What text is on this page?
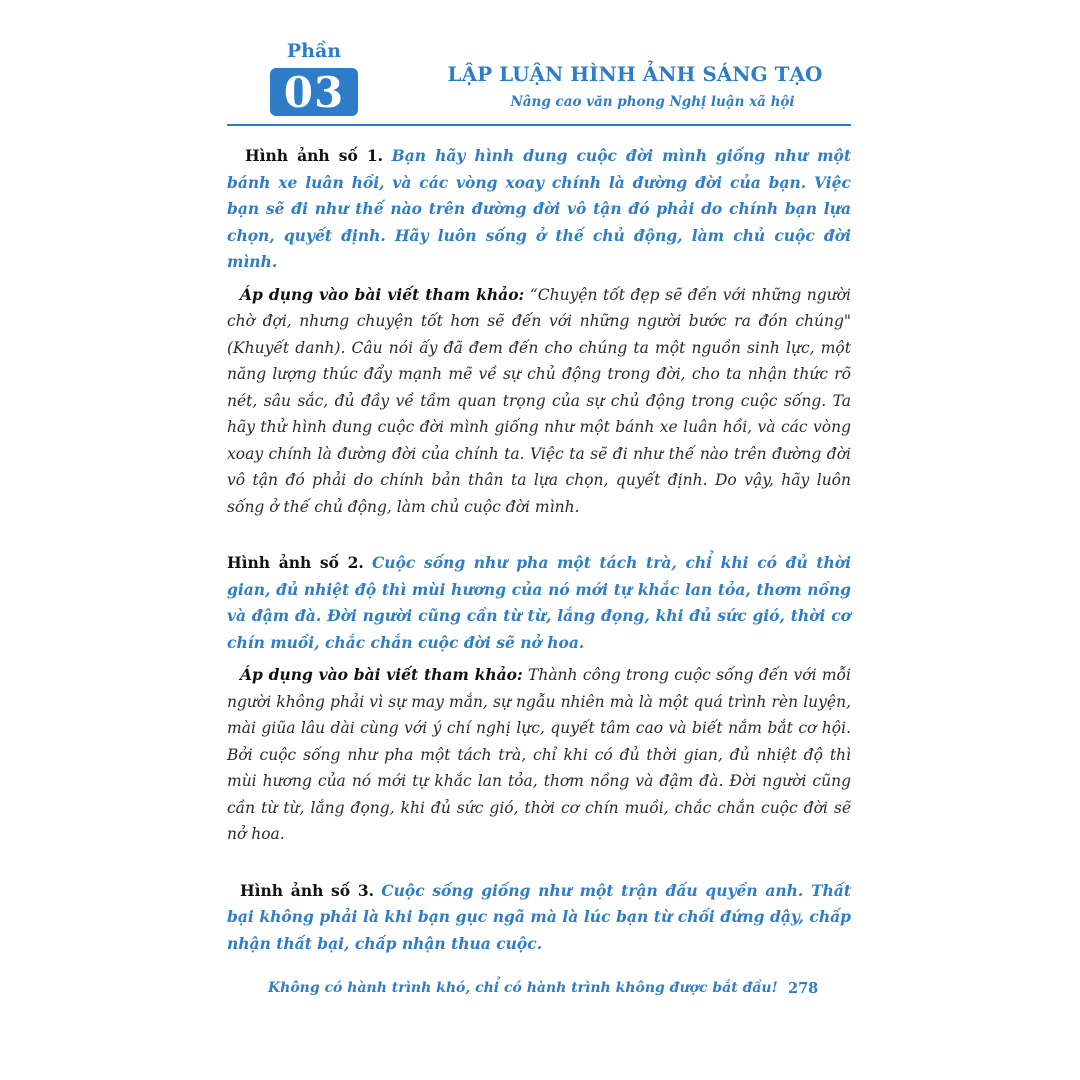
Phần
03	LẬP LUẬN HÌNH ẢNH SÁNG TẠO
Nâng cao văn phong Nghị luận xã hội

Hình ảnh số 1. Bạn hãy hình dung cuộc đời mình giống như một bánh xe luân hồi, và các vòng xoay chính là đường đời của bạn. Việc bạn sẽ đi như thế nào trên đường đời vô tận đó phải do chính bạn lựa chọn, quyết định. Hãy luôn sống ở thế chủ động, làm chủ cuộc đời mình.

Áp dụng vào bài viết tham khảo: “Chuyện tốt đẹp sẽ đến với những người chờ đợi, nhưng chuyện tốt hơn sẽ đến với những người bước ra đón chúng" (Khuyết danh). Câu nói ấy đã đem đến cho chúng ta một nguồn sinh lực, một năng lượng thúc đẩy mạnh mẽ về sự chủ động trong đời, cho ta nhận thức rõ nét, sâu sắc, đủ đầy về tầm quan trọng của sự chủ động trong cuộc sống. Ta hãy thử hình dung cuộc đời mình giống như một bánh xe luân hồi, và các vòng xoay chính là đường đời của chính ta. Việc ta sẽ đi như thế nào trên đường đời vô tận đó phải do chính bản thân ta lựa chọn, quyết định. Do vậy, hãy luôn sống ở thế chủ động, làm chủ cuộc đời mình.

Hình ảnh số 2. Cuộc sống như pha một tách trà, chỉ khi có đủ thời gian, đủ nhiệt độ thì mùi hương của nó mới tự khắc lan tỏa, thơm nồng và đậm đà. Đời người cũng cần từ từ, lắng đọng, khi đủ sức gió, thời cơ chín muồi, chắc chắn cuộc đời sẽ nở hoa.

Áp dụng vào bài viết tham khảo: Thành công trong cuộc sống đến với mỗi người không phải vì sự may mắn, sự ngẫu nhiên mà là một quá trình rèn luyện, mài giũa lâu dài cùng với ý chí nghị lực, quyết tâm cao và biết nắm bắt cơ hội. Bởi cuộc sống như pha một tách trà, chỉ khi có đủ thời gian, đủ nhiệt độ thì mùi hương của nó mới tự khắc lan tỏa, thơm nồng và đậm đà. Đời người cũng cần từ từ, lắng đọng, khi đủ sức gió, thời cơ chín muồi, chắc chắn cuộc đời sẽ nở hoa.

Hình ảnh số 3. Cuộc sống giống như một trận đấu quyền anh. Thất bại không phải là khi bạn gục ngã mà là lúc bạn từ chối đứng dậy, chấp nhận thất bại, chấp nhận thua cuộc.

Không có hành trình khó, chỉ có hành trình không được bắt đầu! 278
